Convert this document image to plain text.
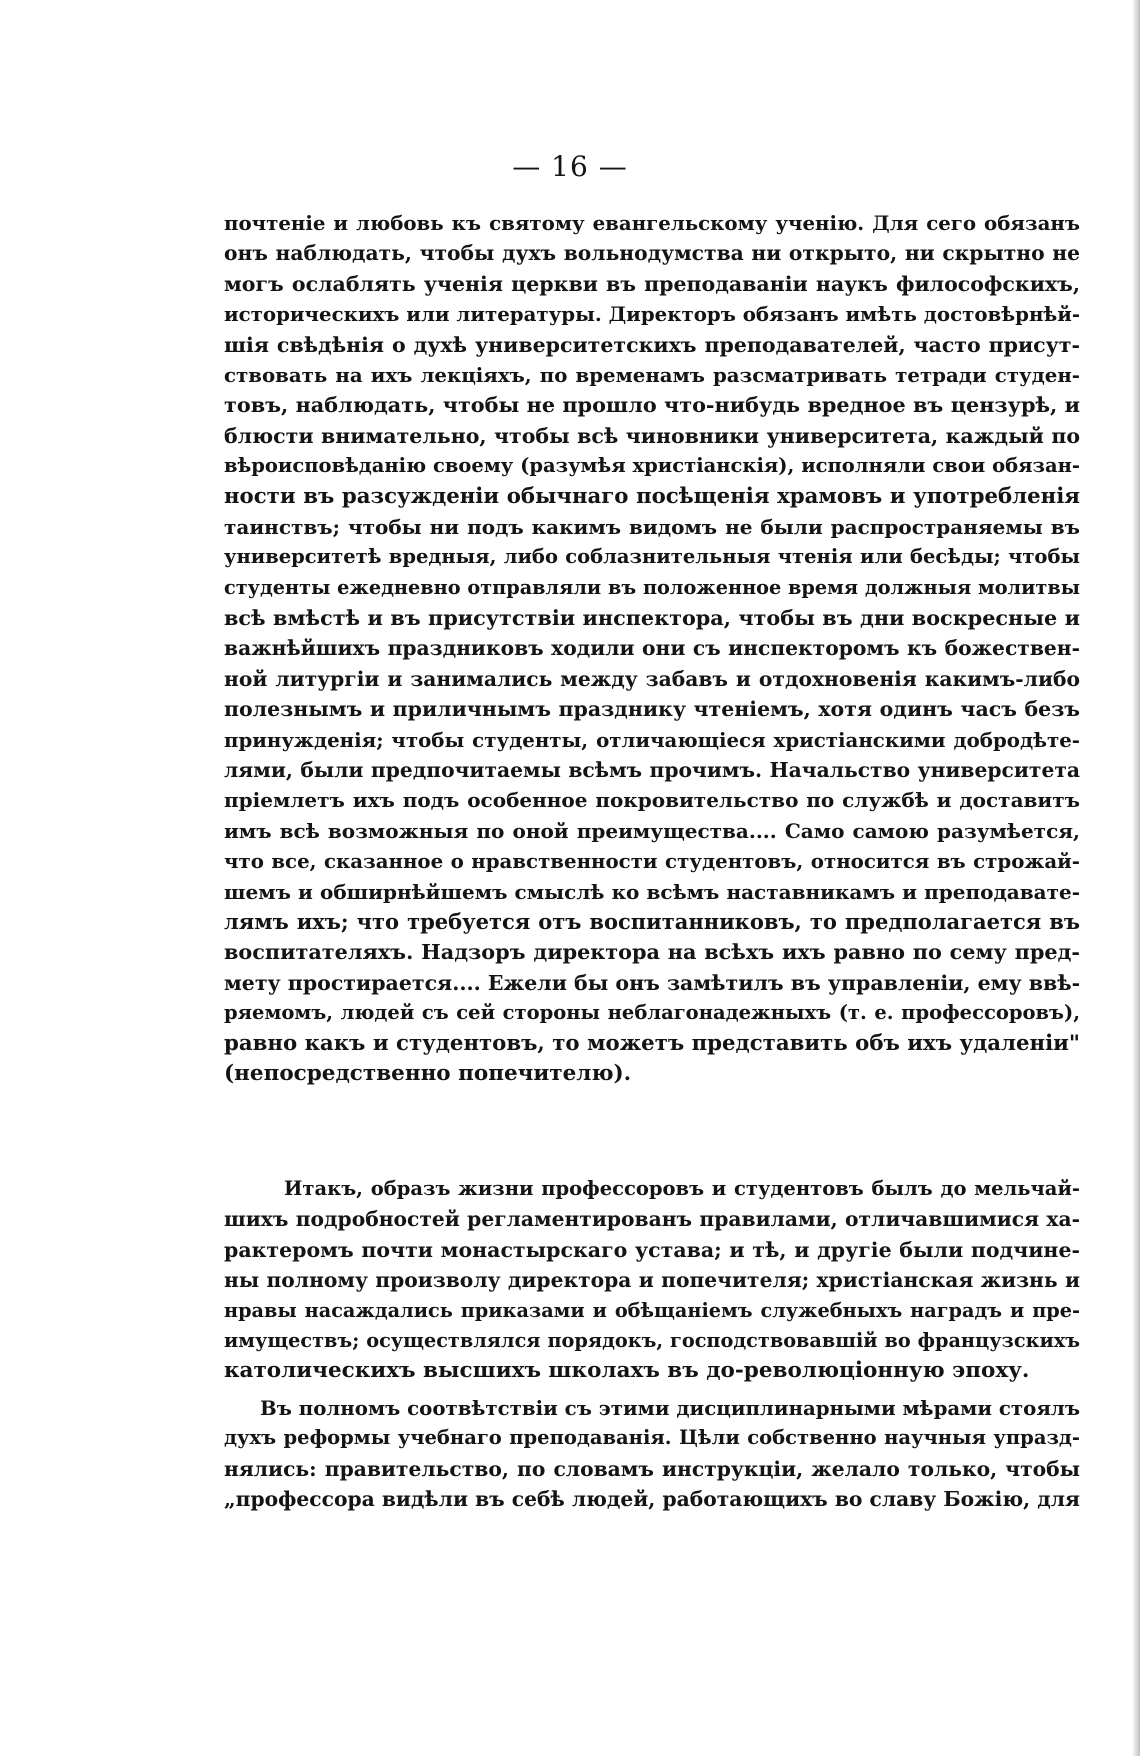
— 16 —
почтеніе и любовь къ святому евангельскому ученію. Для сего обязанъ
онъ наблюдать, чтобы духъ вольнодумства ни открыто, ни скрытно не
могъ ослаблять ученія церкви въ преподаваніи наукъ философскихъ,
историческихъ или литературы. Директоръ обязанъ имѣть достовѣрнѣй-
шія свѣдѣнія о духѣ университетскихъ преподавателей, часто присут-
ствовать на ихъ лекціяхъ, по временамъ разсматривать тетради студен-
товъ, наблюдать, чтобы не прошло что-нибудь вредное въ цензурѣ, и
блюсти внимательно, чтобы всѣ чиновники университета, каждый по
вѣроисповѣданію своему (разумѣя христіанскія), исполняли свои обязан-
ности въ разсужденіи обычнаго посѣщенія храмовъ и употребленія
таинствъ; чтобы ни подъ какимъ видомъ не были распространяемы въ
университетѣ вредныя, либо соблазнительныя чтенія или бесѣды; чтобы
студенты ежедневно отправляли въ положенное время должныя молитвы
всѣ вмѣстѣ и въ присутствіи инспектора, чтобы въ дни воскресные и
важнѣйшихъ праздниковъ ходили они съ инспекторомъ къ божествен-
ной литургіи и занимались между забавъ и отдохновенія какимъ-либо
полезнымъ и приличнымъ празднику чтеніемъ, хотя одинъ часъ безъ
принужденія; чтобы студенты, отличающіеся христіанскими добродѣте-
лями, были предпочитаемы всѣмъ прочимъ. Начальство университета
пріемлетъ ихъ подъ особенное покровительство по службѣ и доставитъ
имъ всѣ возможныя по оной преимущества.... Само самою разумѣется,
что все, сказанное о нравственности студентовъ, относится въ строжай-
шемъ и обширнѣйшемъ смыслѣ ко всѣмъ наставникамъ и преподавате-
лямъ ихъ; что требуется отъ воспитанниковъ, то предполагается въ
воспитателяхъ. Надзоръ директора на всѣхъ ихъ равно по сему пред-
мету простирается.... Ежели бы онъ замѣтилъ въ управленіи, ему ввѣ-
ряемомъ, людей съ сей стороны неблагонадежныхъ (т. е. профессоровъ),
равно какъ и студентовъ, то можетъ представить объ ихъ удаленіи"
(непосредственно попечителю).
Итакъ, образъ жизни профессоровъ и студентовъ былъ до мельчай-
шихъ подробностей регламентированъ правилами, отличавшимися ха-
рактеромъ почти монастырскаго устава; и тѣ, и другіе были подчине-
ны полному произволу директора и попечителя; христіанская жизнь и
нравы насаждались приказами и обѣщаніемъ служебныхъ наградъ и пре-
имуществъ; осуществлялся порядокъ, господствовавшій во французскихъ
католическихъ высшихъ школахъ въ до-революціонную эпоху.
Въ полномъ соотвѣтствіи съ этими дисциплинарными мѣрами стоялъ
духъ реформы учебнаго преподаванія. Цѣли собственно научныя упразд-
нялись: правительство, по словамъ инструкціи, желало только, чтобы
„профессора видѣли въ себѣ людей, работающихъ во славу Божію, для
